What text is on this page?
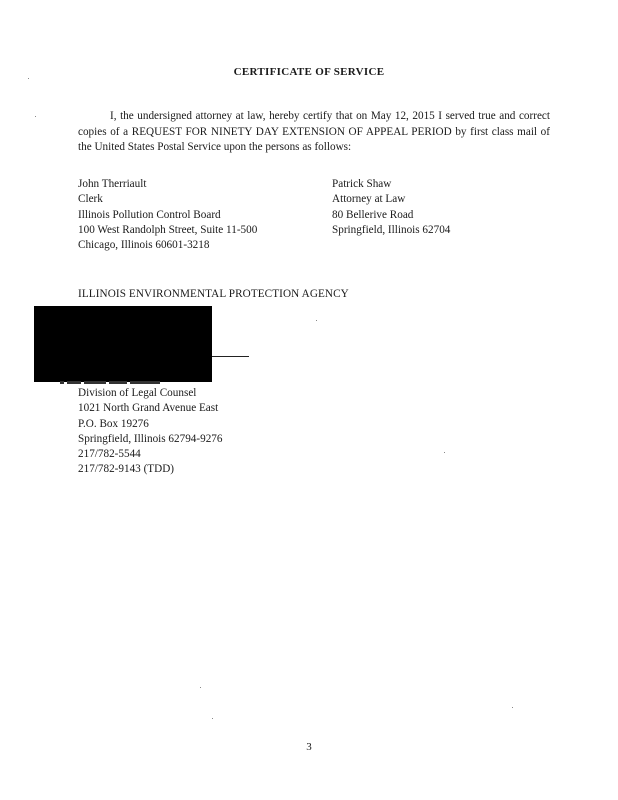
CERTIFICATE OF SERVICE
I, the undersigned attorney at law, hereby certify that on May 12, 2015 I served true and correct copies of a REQUEST FOR NINETY DAY EXTENSION OF APPEAL PERIOD by first class mail of the United States Postal Service upon the persons as follows:
John Therriault
Clerk
Illinois Pollution Control Board
100 West Randolph Street, Suite 11-500
Chicago, Illinois 60601-3218
Patrick Shaw
Attorney at Law
80 Bellerive Road
Springfield, Illinois 62704
ILLINOIS ENVIRONMENTAL PROTECTION AGENCY
Division of Legal Counsel
1021 North Grand Avenue East
P.O. Box 19276
Springfield, Illinois 62794-9276
217/782-5544
217/782-9143 (TDD)
3
